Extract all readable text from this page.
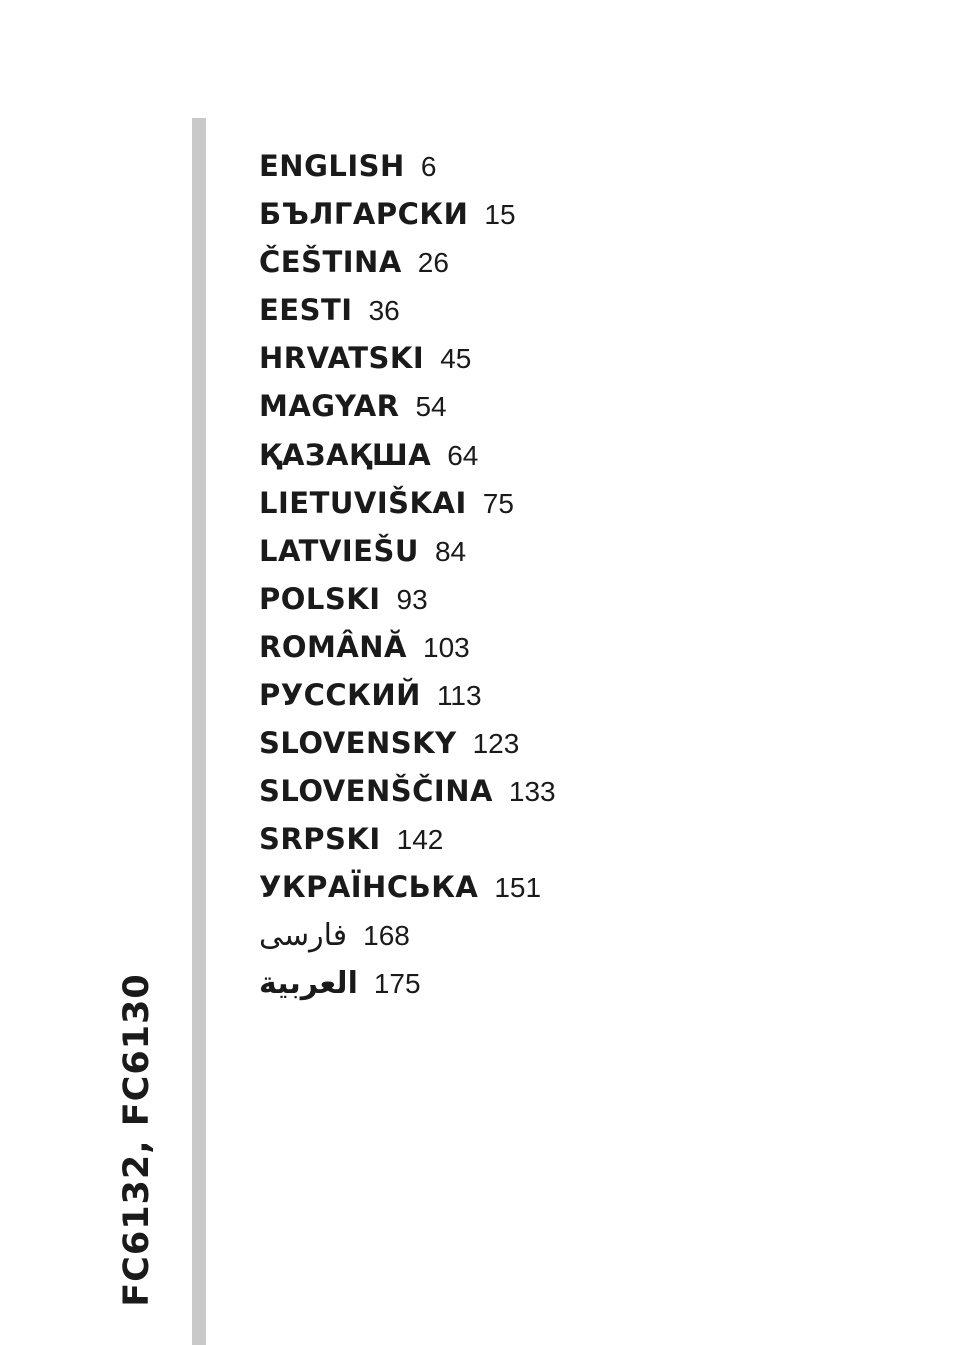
FC6132, FC6130
ENGLISH 6
БЪЛГАРСКИ 15
ČEŠTINA 26
EESTI 36
HRVATSKI 45
MAGYAR 54
ҚАЗАҚША 64
LIETUVIŠKAI 75
LATVIEŠU 84
POLSKI 93
ROMÂNĂ 103
РУССКИЙ 113
SLOVENSKY 123
SLOVENŠČINA 133
SRPSKI 142
УКРАЇНСЬКА 151
فارسی 168
العربية 175
